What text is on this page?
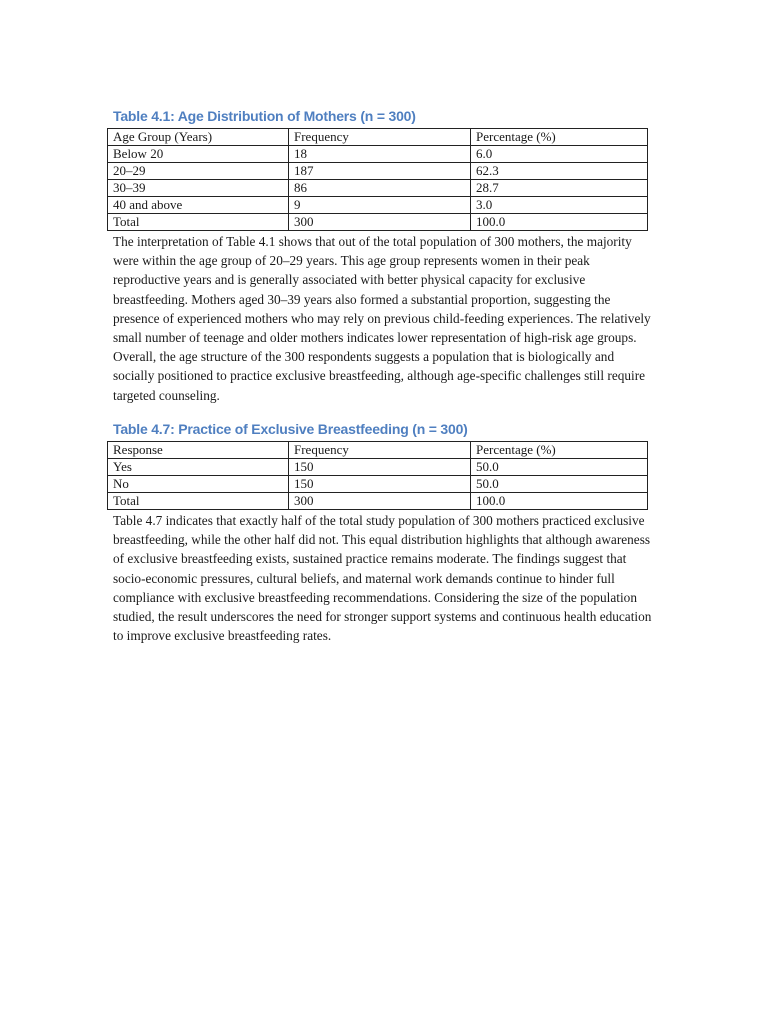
Table 4.1: Age Distribution of Mothers (n = 300)
Age Group (Years)	Frequency	Percentage (%)
Below 20	18	6.0
20–29	187	62.3
30–39	86	28.7
40 and above	9	3.0
Total	300	100.0

The interpretation of Table 4.1 shows that out of the total population of 300 mothers, the majority were within the age group of 20–29 years. This age group represents women in their peak reproductive years and is generally associated with better physical capacity for exclusive breastfeeding. Mothers aged 30–39 years also formed a substantial proportion, suggesting the presence of experienced mothers who may rely on previous child-feeding experiences. The relatively small number of teenage and older mothers indicates lower representation of high-risk age groups. Overall, the age structure of the 300 respondents suggests a population that is biologically and socially positioned to practice exclusive breastfeeding, although age-specific challenges still require targeted counseling.

Table 4.7: Practice of Exclusive Breastfeeding (n = 300)
Response	Frequency	Percentage (%)
Yes	150	50.0
No	150	50.0
Total	300	100.0

Table 4.7 indicates that exactly half of the total study population of 300 mothers practiced exclusive breastfeeding, while the other half did not. This equal distribution highlights that although awareness of exclusive breastfeeding exists, sustained practice remains moderate. The findings suggest that socio-economic pressures, cultural beliefs, and maternal work demands continue to hinder full compliance with exclusive breastfeeding recommendations. Considering the size of the population studied, the result underscores the need for stronger support systems and continuous health education to improve exclusive breastfeeding rates.
